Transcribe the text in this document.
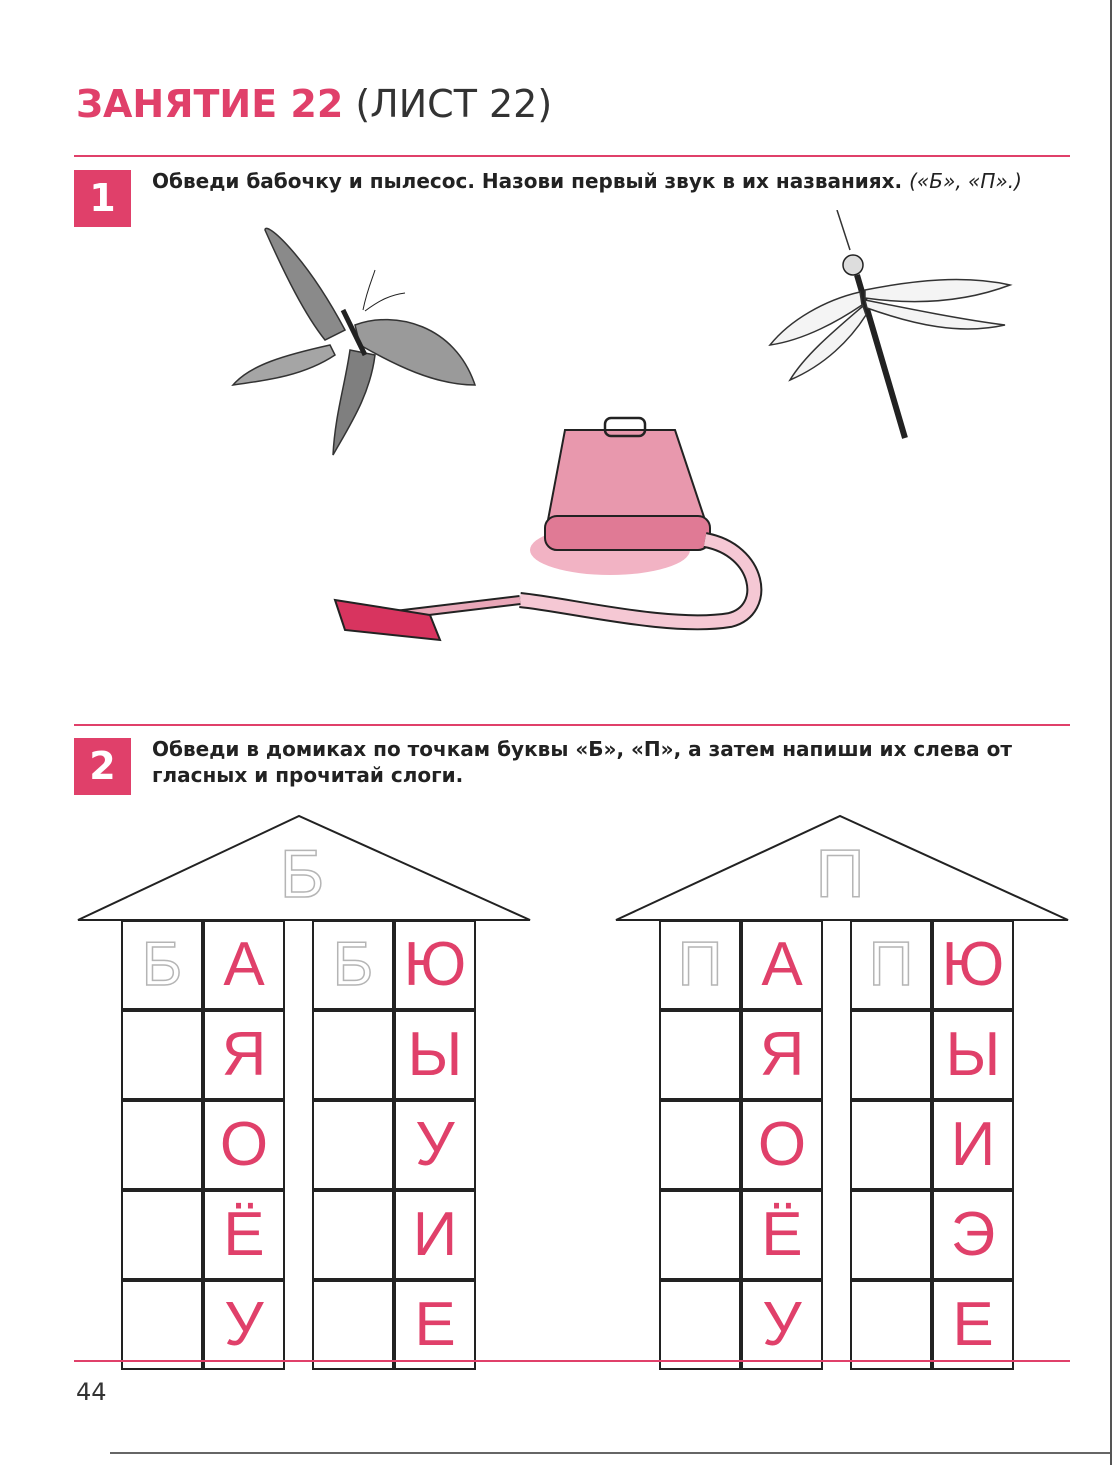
ЗАНЯТИЕ 22 (ЛИСТ 22)
1	Обведи бабочку и пылесос. Назови первый звук в их названиях. («Б», «П».)
2	Обведи в домиках по точкам буквы «Б», «П», а затем напиши их слева от
гласных и прочитай слоги.
Б
Б А
Я
О
Ё
У
Б Ю
Ы
У
И
Е
П
П А
Я
О
Ё
У
П Ю
Ы
И
Э
Е
44
